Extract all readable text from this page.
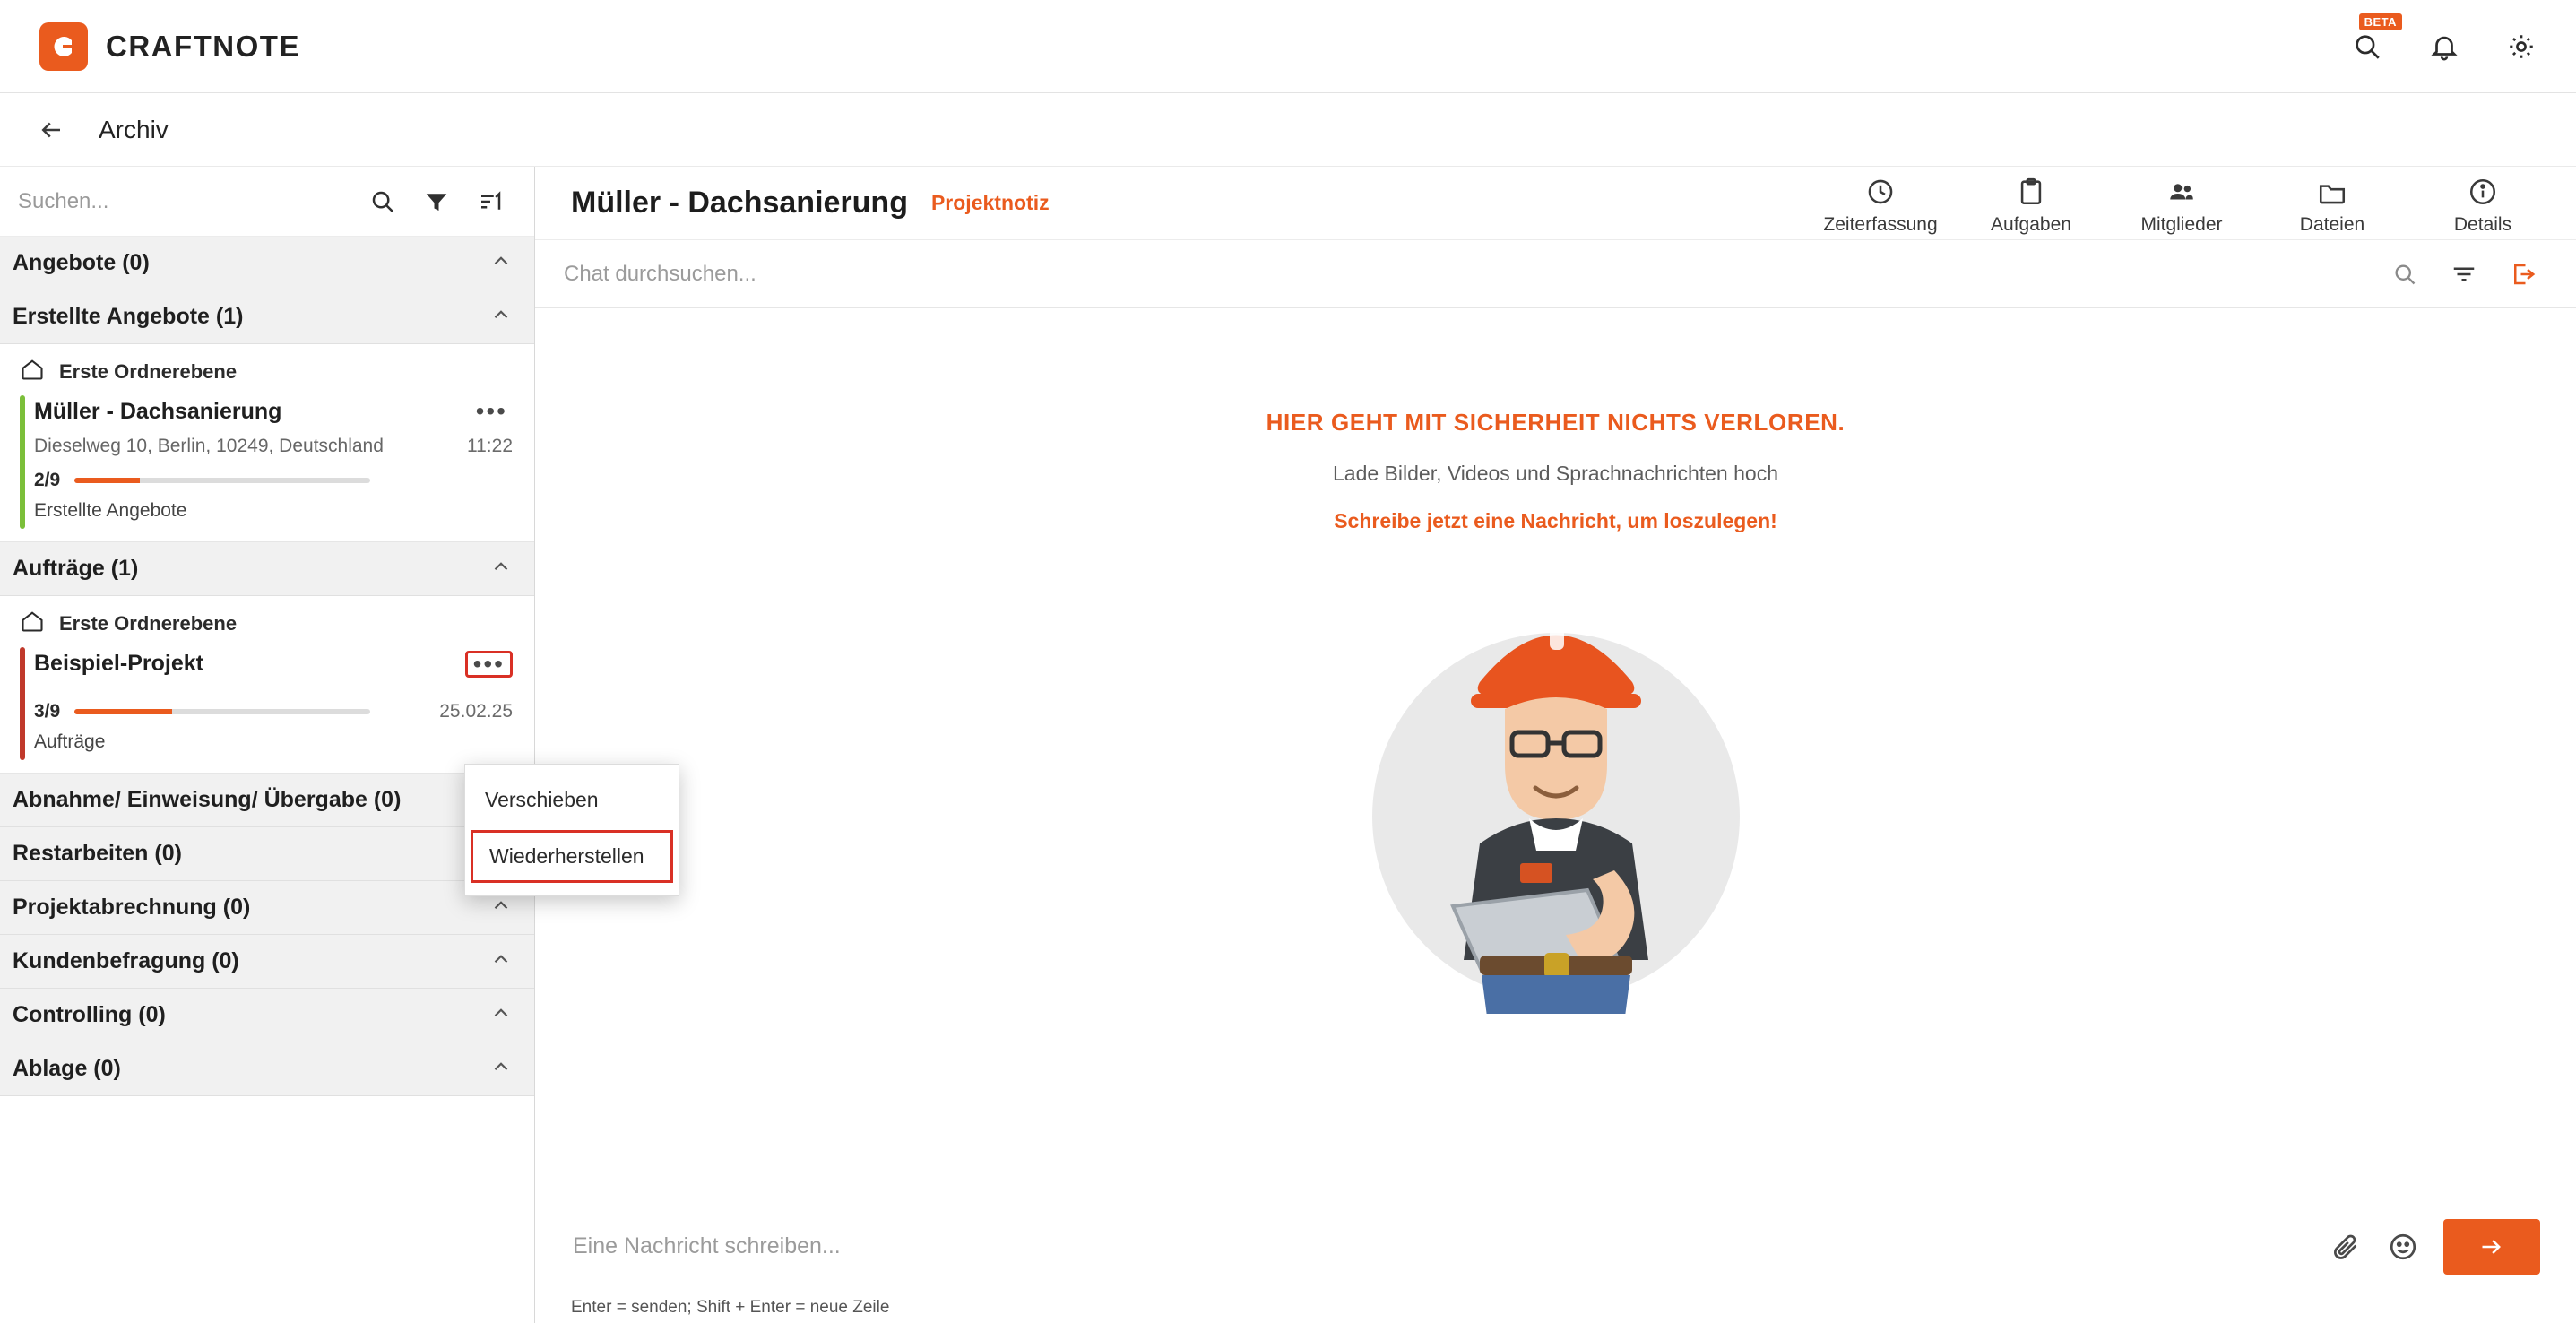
CRAFTNOTE
BETA
Archiv
Suchen...
Angebote (0)
Erstellte Angebote (1)
Erste Ordnerebene
Müller - Dachsanierung	•••
Dieselweg 10, Berlin, 10249, Deutschland	11:22
2/9
Erstellte Angebote
Aufträge (1)
Erste Ordnerebene
Beispiel-Projekt	•••
3/9	25.02.25
Aufträge
Abnahme/ Einweisung/ Übergabe (0)
Restarbeiten (0)
Projektabrechnung (0)
Kundenbefragung (0)
Controlling (0)
Ablage (0)
Müller - Dachsanierung Projektnotiz
Zeiterfassung	Aufgaben	Mitglieder	Dateien	Details
Chat durchsuchen...
HIER GEHT MIT SICHERHEIT NICHTS VERLOREN.
Lade Bilder, Videos und Sprachnachrichten hoch
Schreibe jetzt eine Nachricht, um loszulegen!
Eine Nachricht schreiben...
Enter = senden; Shift + Enter = neue Zeile
Verschieben
Wiederherstellen
